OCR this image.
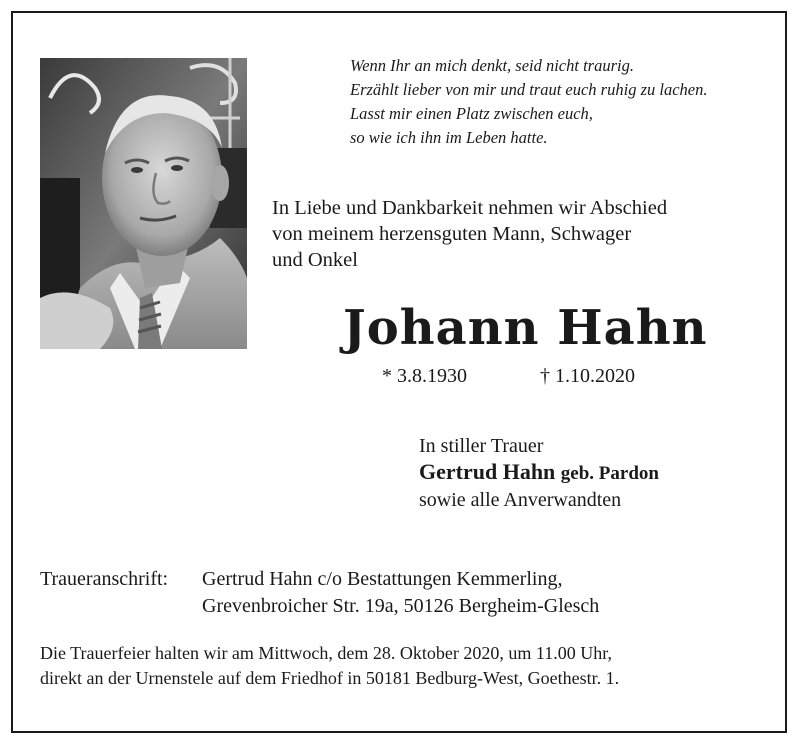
Wenn Ihr an mich denkt, seid nicht traurig.
Erzählt lieber von mir und traut euch ruhig zu lachen.
Lasst mir einen Platz zwischen euch,
so wie ich ihn im Leben hatte.
In Liebe und Dankbarkeit nehmen wir Abschied
von meinem herzensguten Mann, Schwager
und Onkel
Johann Hahn
* 3.8.1930	† 1.10.2020
In stiller Trauer
Gertrud Hahn geb. Pardon
sowie alle Anverwandten
Traueranschrift:	Gertrud Hahn c/o Bestattungen Kemmerling,
Grevenbroicher Str. 19a, 50126 Bergheim-Glesch
Die Trauerfeier halten wir am Mittwoch, dem 28. Oktober 2020, um 11.00 Uhr,
direkt an der Urnenstele auf dem Friedhof in 50181 Bedburg-West, Goethestr. 1.
